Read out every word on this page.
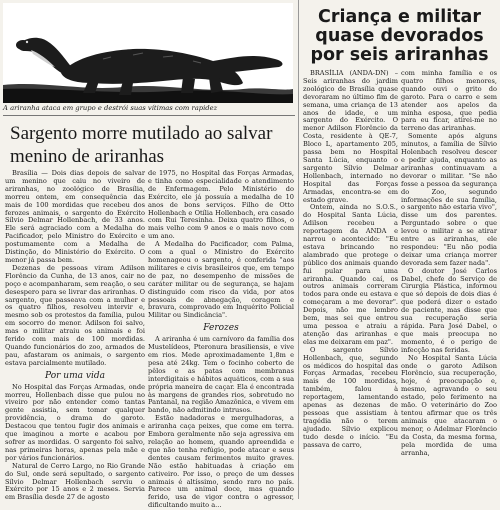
A ariranha ataca em grupo e destrói suas vítimas com rapidez
Sargento morre mutilado ao salvar menino de ariranhas

Brasília — Dois dias depois de salvar um menino que caiu no viveiro de ariranhas, no zoológico de Brasília, morreu ontem, em consequência das mais de 100 mordidas que recebeu dos ferozes animais, o sargento do Exército Sílvio Delmar Hollenbach, de 33 anos. Ele será agraciado com a Medalha do Pacificador, pelo Ministro do Exército e postumamente com a Medalha de Distinção, do Ministério do Exército. O menor já passa bem.

Dezenas de pessoas viram Adilson Florêncio da Cunha, de 13 anos, cair no poço e acompanharam, sem reação, o seu desespero para se livrar das ariranhas. O sargento, que passeava com a mulher e os quatro filhos, resolveu intervir e, mesmo sob os protestos da família, pulou em socorro do menor. Adilson foi salvo, mas o militar atraiu os animais e foi ferido com mais de 100 mordidas. Quando funcionários do zoo, armados de pau, afastaram os animais, o sargento estava parcialmente mutilado.

Por uma vida

No Hospital das Forças Armadas, onde morreu, Hollenbach disse que pulou no viveiro por não entender como tantas gente assistia, sem tomar qualquer providência, o drama do garoto. Destacou que tentou fugir dos animais e que imaginou a morte e acabou por sofrer as mordidas. O sargento foi salvo, nas primeiras horas, apenas pela mãe e por vários funcionários.

Natural de Cerro Largo, no Rio Grande do Sul, onde será sepultado, o sargento Sílvio Delmar Hollenbach serviu o Exército por 15 anos e 2 meses. Servia em Brasília desde 27 de agosto

de 1975, no Hospital das Forças Armadas, e tinha como especialidade o atendimento de Enfermagem. Pelo Ministério do Exército, ele já possuía a medalha de 10 anos de bons serviços. Filho de Otto Hollenbach e Otília Hollenbach, era casado com Rui Teresinha. Deixa quatro filhos, o mais velho com 9 anos e o mais novo com um ano.

A Medalha do Pacificador, com Palma, com a qual o Ministro do Exército homenageou o sargento, é conferida "aos militares e civis brasileiros que, em tempo de paz, no desempenho de missões de caráter militar ou de segurança, se hajam distinguido com risco da vida, por atos pessoais de abnegação, coragem e bravura, comprovado em Inquérito Policial Militar ou Sindicância".

Ferozes

A ariranha é um carnívoro da família dos Mustelídeos, Pteronura brasiliensis, e vive em rios. Mede aproximadamente 1,8m e pesa até 24kg. Tem o focinho coberto de pêlos e as patas com membranas interdigitais e hábitos aquáticos, com a sua própria maneira de caçar. Ela é encontrada às margens de grandes rios, sobretudo no Pantanal, na região Amazônica, e vivem em bando, não admitindo intrusos.

Estão nadadoras e mergulhadoras, a ariranha caça peixes, que come em terra. Embora geralmente não seja agressiva em relação ao homem, quando apreendida e que não tenha refúgio, pode atacar e seus dentes causam ferimentos muito graves. Não estão habituadas à criação em cativeiro. Por isso, o preço de um desses animais é altíssimo, sendo raro no país. Parece um animal doce, mas quando ferido, usa de vigor contra o agressor, dificultando muito a...

Criança e militar quase devorados por seis ariranhas

BRASÍLIA (ANDA-DN) – Seis ariranhas do jardim zoológico de Brasília quase devoraram no último fim de semana, uma criança de 13 anos de idade, e um sargento do Exército. O menor Adilson Florêncio da Costa, residente à QE-7, Bloco L, apartamento 205, passa bem no Hospital Santa Lúcia, enquanto o sargento Sílvio Delmar Hollenbach, internado no Hospital das Forças Armadas, encontra-se em estado grave.

Ontem, ainda no S.O.S., do Hospital Santa Lúcia, Adilson recebeu a reportagem da ANDA e narrou o acontecido: "Eu estava brincando no alambrado que protege o público dos animais quando fui pular para uma ariranha. Quando caí, os outros animais correram todos para onde eu estava e começaram a me devorar". Depois, não me lembro bem, mas sei que entrou uma pessoa e atraiu a atenção das ariranhas e elas me deixaram em paz".

O sargento Sílvio Hollenbach, que, segundo os médicos do hospital das Forças Armadas, recebeu mais de 100 mordidas, também, falou à reportagem, lamentando apenas as dezenas de pessoas que assistiam à tragédia não o terem ajudado. Sílvio explicou tudo desde o início. "Eu passava de carro,

com minha família e os quatro filhos menores, quando ouvi o grito do garoto. Para o carro e sem atender aos apelos da minha esposa, que pedia para eu ficar, atirei-me no terreno das ariranhas.

Somente após alguns minutos, a família de Sílvio Holenbach resolveu descer e pedir ajuda, enquanto as ariranhas continuavam a devorar o militar. "Se não fosse a pessoa da segurança do Zoo, segundo informações de sua família, o sargento não estaria vivo", disse um dos parentes. Perguntado sobre o que levou o militar a se atirar entre as ariranhas, ele respondeu: "Eu não podia deixar uma criança morrer devorada sem fazer nada".

O doutor José Carlos Dabel, chefe do Serviço de Cirurgia Plástica, informou que só depois de dois dias é que poderá dizer o estado de paciente, mas disse que sua recuperação seria rápida. Para José Dabel, o que mais preocupa no momento, é o perigo de infecção nas feridas.

No Hospital Santa Lúcia onde o garoto Adilson Florêncio, sua recuperação, hoje, é preocupação e, mesmo, agravando o seu estado, pelo ferimento na mão. O veterinário do Zoo tentou afirmar que os três animais que atacaram o menor, o Adelmar Florêncio da Costa, da mesma forma, pela mordida de uma arranha,
